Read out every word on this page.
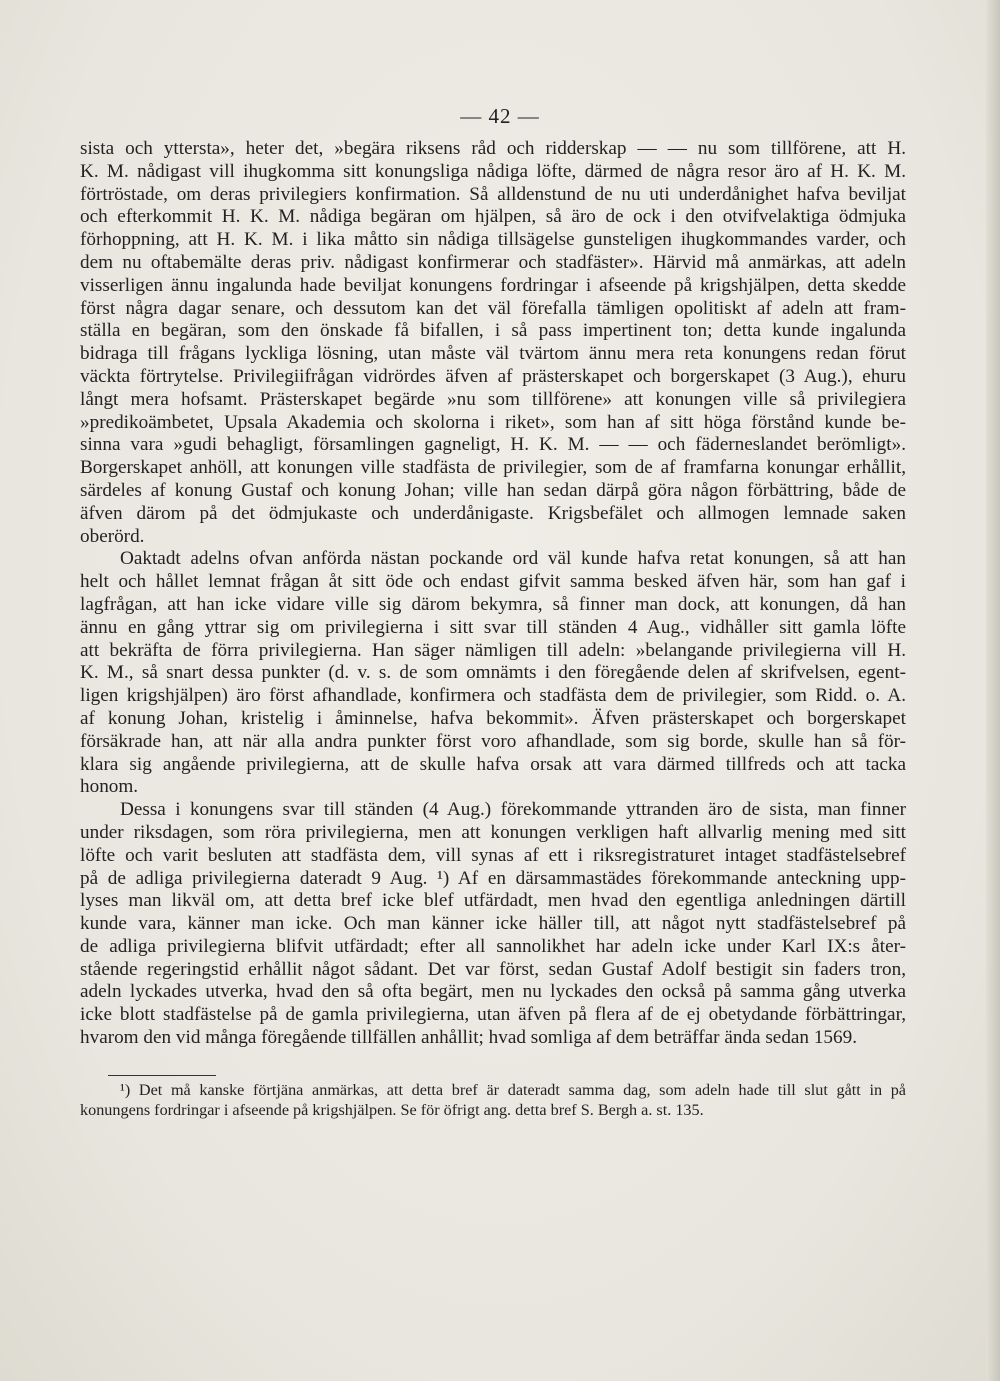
— 42 —
sista och yttersta», heter det, »begära riksens råd och ridderskap — — nu som tillförene, att H.
K. M. nådigast vill ihugkomma sitt konungsliga nådiga löfte, därmed de några resor äro af H. K. M.
förtröstade, om deras privilegiers konfirmation. Så alldenstund de nu uti underdånighet hafva beviljat
och efterkommit H. K. M. nådiga begäran om hjälpen, så äro de ock i den otvifvelaktiga ödmjuka
förhoppning, att H. K. M. i lika måtto sin nådiga tillsägelse gunsteligen ihugkommandes varder, och
dem nu oftabemälte deras priv. nådigast konfirmerar och stadfäster». Härvid må anmärkas, att adeln
visserligen ännu ingalunda hade beviljat konungens fordringar i afseende på krigshjälpen, detta skedde
först några dagar senare, och dessutom kan det väl förefalla tämligen opolitiskt af adeln att fram-
ställa en begäran, som den önskade få bifallen, i så pass impertinent ton; detta kunde ingalunda
bidraga till frågans lyckliga lösning, utan måste väl tvärtom ännu mera reta konungens redan förut
väckta förtrytelse. Privilegiifrågan vidrördes äfven af prästerskapet och borgerskapet (3 Aug.), ehuru
långt mera hofsamt. Prästerskapet begärde »nu som tillförene» att konungen ville så privilegiera
»predikoämbetet, Upsala Akademia och skolorna i riket», som han af sitt höga förstånd kunde be-
sinna vara »gudi behagligt, församlingen gagneligt, H. K. M. — — och fäderneslandet berömligt».
Borgerskapet anhöll, att konungen ville stadfästa de privilegier, som de af framfarna konungar erhållit,
särdeles af konung Gustaf och konung Johan; ville han sedan därpå göra någon förbättring, både de
äfven därom på det ödmjukaste och underdånigaste. Krigsbefälet och allmogen lemnade saken
oberörd.
Oaktadt adelns ofvan anförda nästan pockande ord väl kunde hafva retat konungen, så att han
helt och hållet lemnat frågan åt sitt öde och endast gifvit samma besked äfven här, som han gaf i
lagfrågan, att han icke vidare ville sig därom bekymra, så finner man dock, att konungen, då han
ännu en gång yttrar sig om privilegierna i sitt svar till ständen 4 Aug., vidhåller sitt gamla löfte
att bekräfta de förra privilegierna. Han säger nämligen till adeln: »belangande privilegierna vill H.
K. M., så snart dessa punkter (d. v. s. de som omnämts i den föregående delen af skrifvelsen, egent-
ligen krigshjälpen) äro först afhandlade, konfirmera och stadfästa dem de privilegier, som Ridd. o. A.
af konung Johan, kristelig i åminnelse, hafva bekommit». Äfven prästerskapet och borgerskapet
försäkrade han, att när alla andra punkter först voro afhandlade, som sig borde, skulle han så för-
klara sig angående privilegierna, att de skulle hafva orsak att vara därmed tillfreds och att tacka
honom.
Dessa i konungens svar till ständen (4 Aug.) förekommande yttranden äro de sista, man finner
under riksdagen, som röra privilegierna, men att konungen verkligen haft allvarlig mening med sitt
löfte och varit besluten att stadfästa dem, vill synas af ett i riksregistraturet intaget stadfästelsebref
på de adliga privilegierna dateradt 9 Aug. ¹) Af en därsammastädes förekommande anteckning upp-
lyses man likväl om, att detta bref icke blef utfärdadt, men hvad den egentliga anledningen därtill
kunde vara, känner man icke. Och man känner icke häller till, att något nytt stadfästelsebref på
de adliga privilegierna blifvit utfärdadt; efter all sannolikhet har adeln icke under Karl IX:s åter-
stående regeringstid erhållit något sådant. Det var först, sedan Gustaf Adolf bestigit sin faders tron,
adeln lyckades utverka, hvad den så ofta begärt, men nu lyckades den också på samma gång utverka
icke blott stadfästelse på de gamla privilegierna, utan äfven på flera af de ej obetydande förbättringar,
hvarom den vid många föregående tillfällen anhållit; hvad somliga af dem beträffar ända sedan 1569.
¹) Det må kanske förtjäna anmärkas, att detta bref är dateradt samma dag, som adeln hade till slut gått in på
konungens fordringar i afseende på krigshjälpen. Se för öfrigt ang. detta bref S. Bergh a. st. 135.
